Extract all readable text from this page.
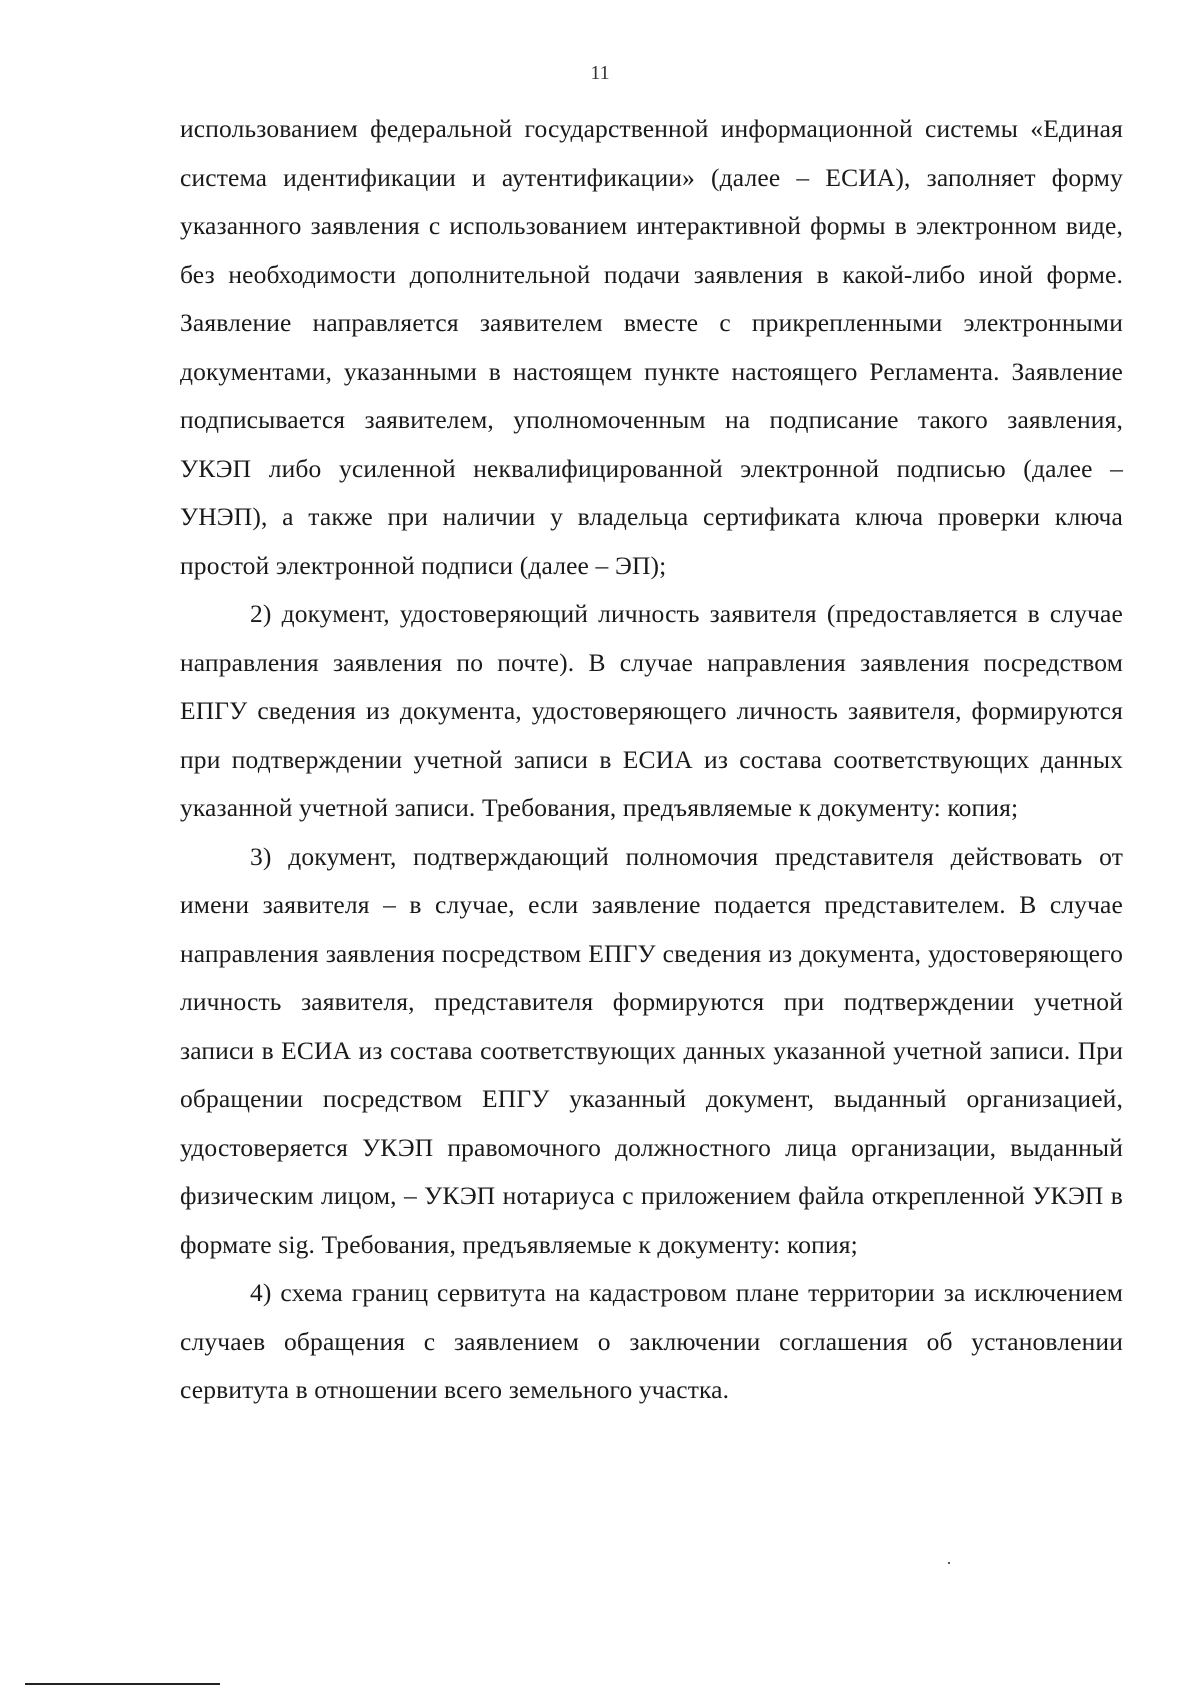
11

использованием федеральной государственной информационной системы «Единая система идентификации и аутентификации» (далее – ЕСИА), заполняет форму указанного заявления с использованием интерактивной формы в электронном виде, без необходимости дополнительной подачи заявления в какой-либо иной форме. Заявление направляется заявителем вместе с прикрепленными электронными документами, указанными в настоящем пункте настоящего Регламента. Заявление подписывается заявителем, уполномоченным на подписание такого заявления, УКЭП либо усиленной неквалифицированной электронной подписью (далее – УНЭП), а также при наличии у владельца сертификата ключа проверки ключа простой электронной подписи (далее – ЭП);

2) документ, удостоверяющий личность заявителя (предоставляется в случае направления заявления по почте). В случае направления заявления посредством ЕПГУ сведения из документа, удостоверяющего личность заявителя, формируются при подтверждении учетной записи в ЕСИА из состава соответствующих данных указанной учетной записи. Требования, предъявляемые к документу: копия;

3) документ, подтверждающий полномочия представителя действовать от имени заявителя – в случае, если заявление подается представителем. В случае направления заявления посредством ЕПГУ сведения из документа, удостоверяющего личность заявителя, представителя формируются при подтверждении учетной записи в ЕСИА из состава соответствующих данных указанной учетной записи. При обращении посредством ЕПГУ указанный документ, выданный организацией, удостоверяется УКЭП правомочного должностного лица организации, выданный физическим лицом, – УКЭП нотариуса с приложением файла открепленной УКЭП в формате sig. Требования, предъявляемые к документу: копия;

4) схема границ сервитута на кадастровом плане территории за исключением случаев обращения с заявлением о заключении соглашения об установлении сервитута в отношении всего земельного участка.
